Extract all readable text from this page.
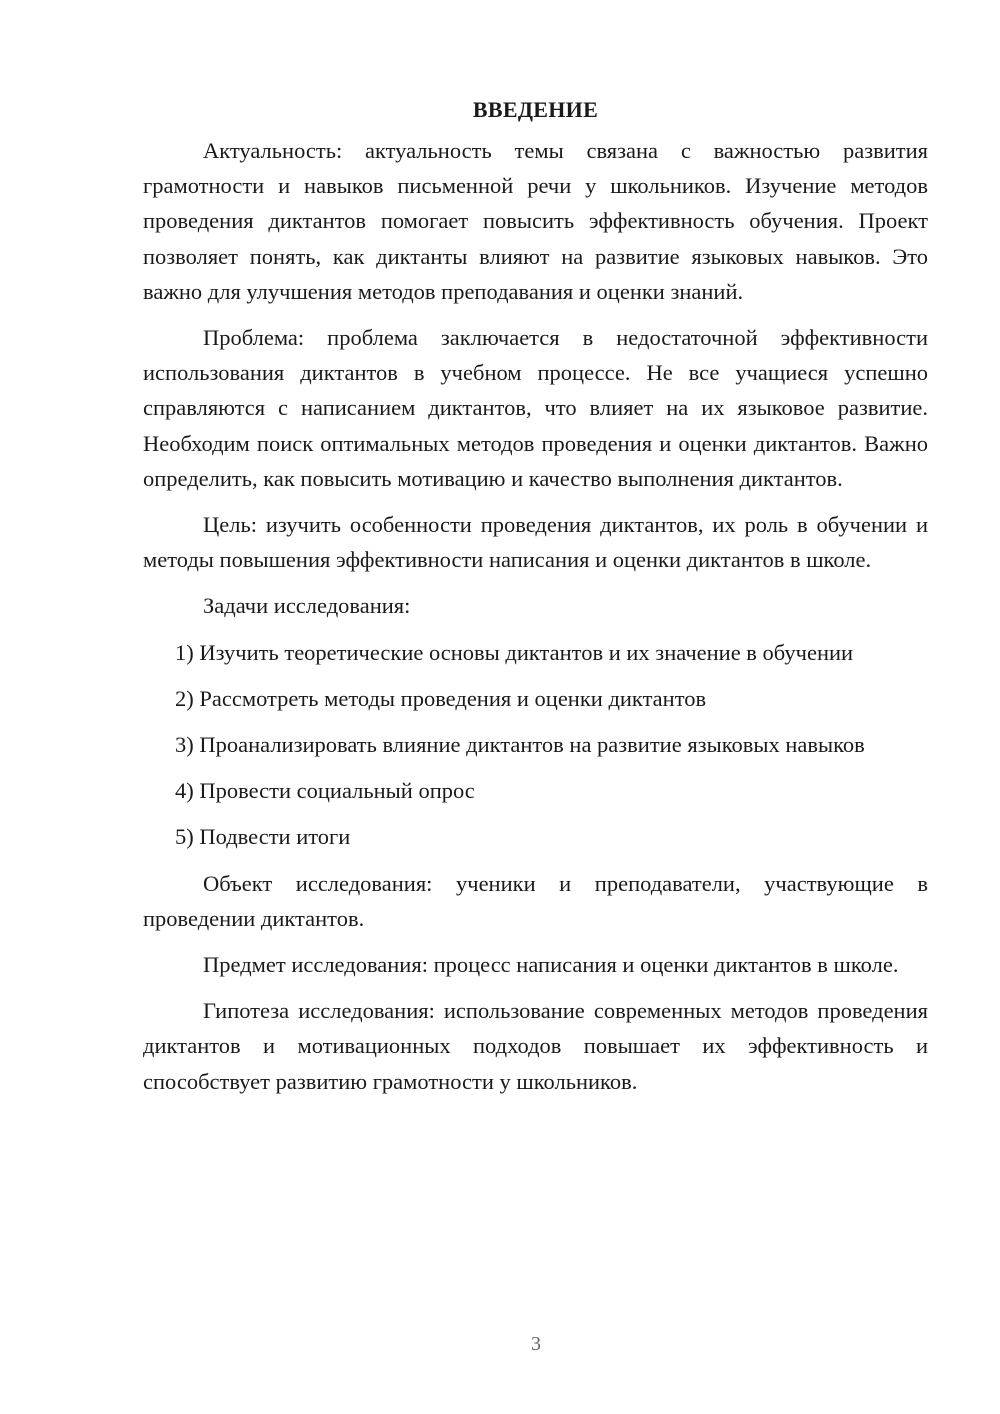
ВВЕДЕНИЕ

Актуальность: актуальность темы связана с важностью развития грамотности и навыков письменной речи у школьников. Изучение методов проведения диктантов помогает повысить эффективность обучения. Проект позволяет понять, как диктанты влияют на развитие языковых навыков. Это важно для улучшения методов преподавания и оценки знаний.

Проблема: проблема заключается в недостаточной эффективности использования диктантов в учебном процессе. Не все учащиеся успешно справляются с написанием диктантов, что влияет на их языковое развитие. Необходим поиск оптимальных методов проведения и оценки диктантов. Важно определить, как повысить мотивацию и качество выполнения диктантов.

Цель: изучить особенности проведения диктантов, их роль в обучении и методы повышения эффективности написания и оценки диктантов в школе.

Задачи исследования:

1) Изучить теоретические основы диктантов и их значение в обучении

2) Рассмотреть методы проведения и оценки диктантов

3) Проанализировать влияние диктантов на развитие языковых навыков

4) Провести социальный опрос

5) Подвести итоги

Объект исследования: ученики и преподаватели, участвующие в проведении диктантов.

Предмет исследования: процесс написания и оценки диктантов в школе.

Гипотеза исследования: использование современных методов проведения диктантов и мотивационных подходов повышает их эффективность и способствует развитию грамотности у школьников.

3
